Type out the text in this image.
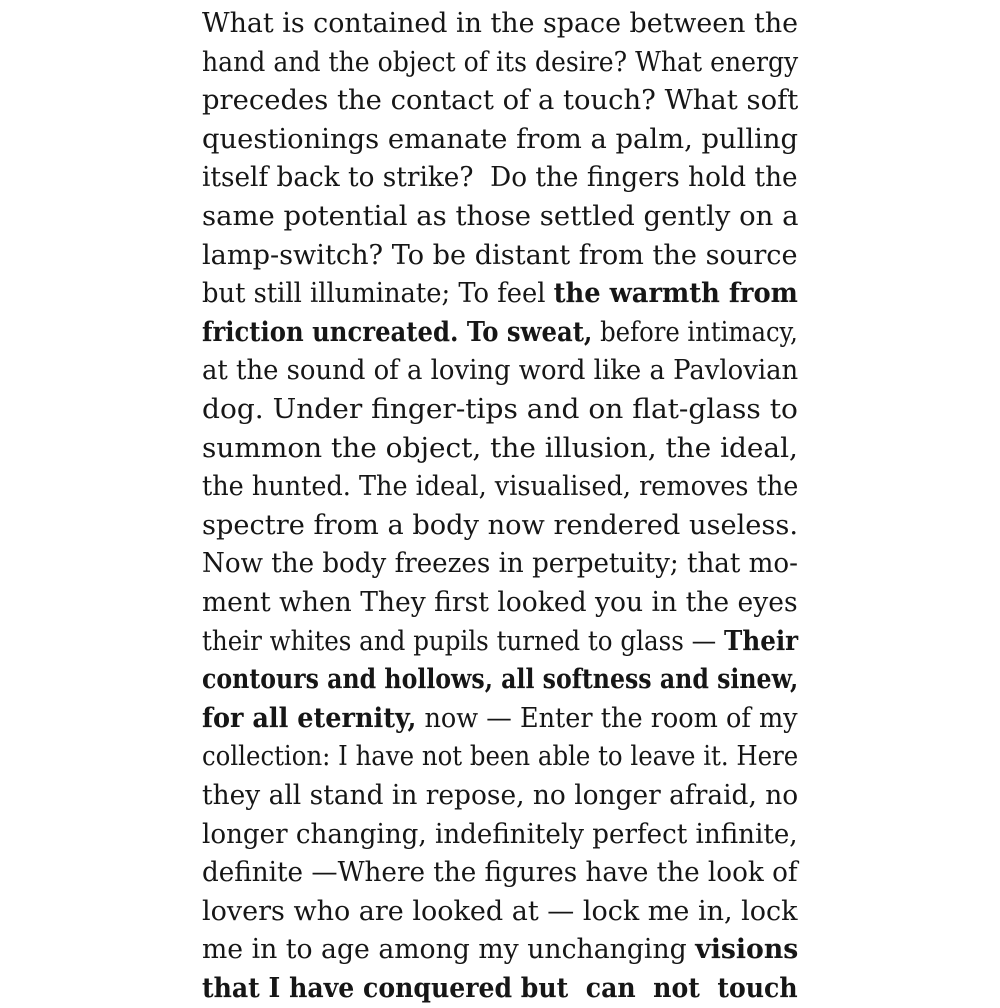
What is contained in the space between the
hand and the object of its desire? What energy
precedes the contact of a touch? What soft
questionings emanate from a palm, pulling
itself back to strike?  Do the fingers hold the
same potential as those settled gently on a
lamp-switch? To be distant from the source
but still illuminate; To feel the warmth from
friction uncreated. To sweat, before intimacy,
at the sound of a loving word like a Pavlovian
dog. Under finger-tips and on flat-glass to
summon the object, the illusion, the ideal,
the hunted. The ideal, visualised, removes the
spectre from a body now rendered useless.
Now the body freezes in perpetuity; that mo-
ment when They first looked you in the eyes
their whites and pupils turned to glass — Their
contours and hollows, all softness and sinew,
for all eternity, now — Enter the room of my
collection: I have not been able to leave it. Here
they all stand in repose, no longer afraid, no
longer changing, indefinitely perfect infinite,
definite —Where the figures have the look of
lovers who are looked at — lock me in, lock
me in to age among my unchanging visions
that I have conquered but  can  not  touch
